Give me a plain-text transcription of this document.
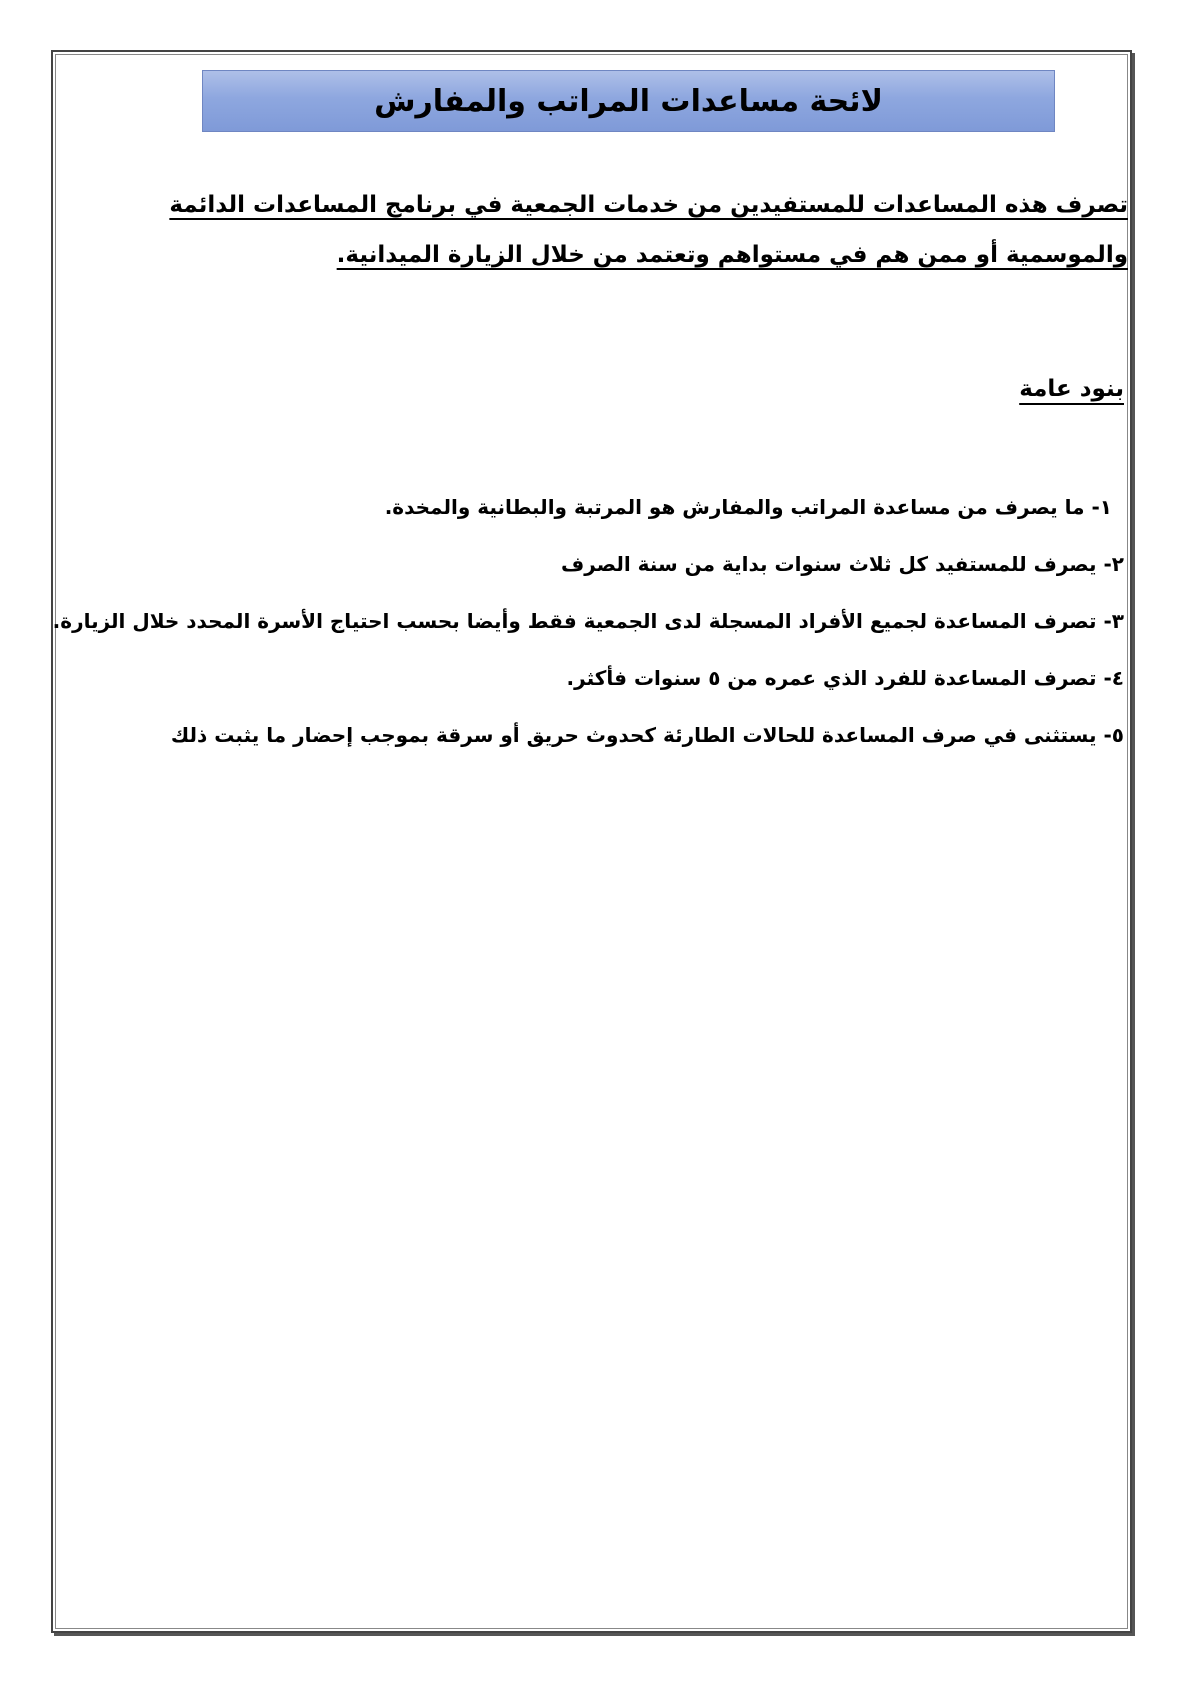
لائحة مساعدات المراتب والمفارش
تصرف هذه المساعدات للمستفيدين من خدمات الجمعية في برنامج المساعدات الدائمة والموسمية أو ممن هم في مستواهم وتعتمد من خلال الزيارة الميدانية.
بنود عامة
١- ما يصرف من مساعدة المراتب والمفارش هو المرتبة والبطانية والمخدة.
٢- يصرف للمستفيد كل ثلاث سنوات بداية من سنة الصرف
٣- تصرف المساعدة لجميع الأفراد المسجلة لدى الجمعية فقط وأيضا بحسب احتياج الأسرة المحدد خلال الزيارة.
٤- تصرف المساعدة للفرد الذي عمره من ٥ سنوات فأكثر.
٥- يستثنى في صرف المساعدة للحالات الطارئة كحدوث حريق أو سرقة بموجب إحضار ما يثبت ذلك
